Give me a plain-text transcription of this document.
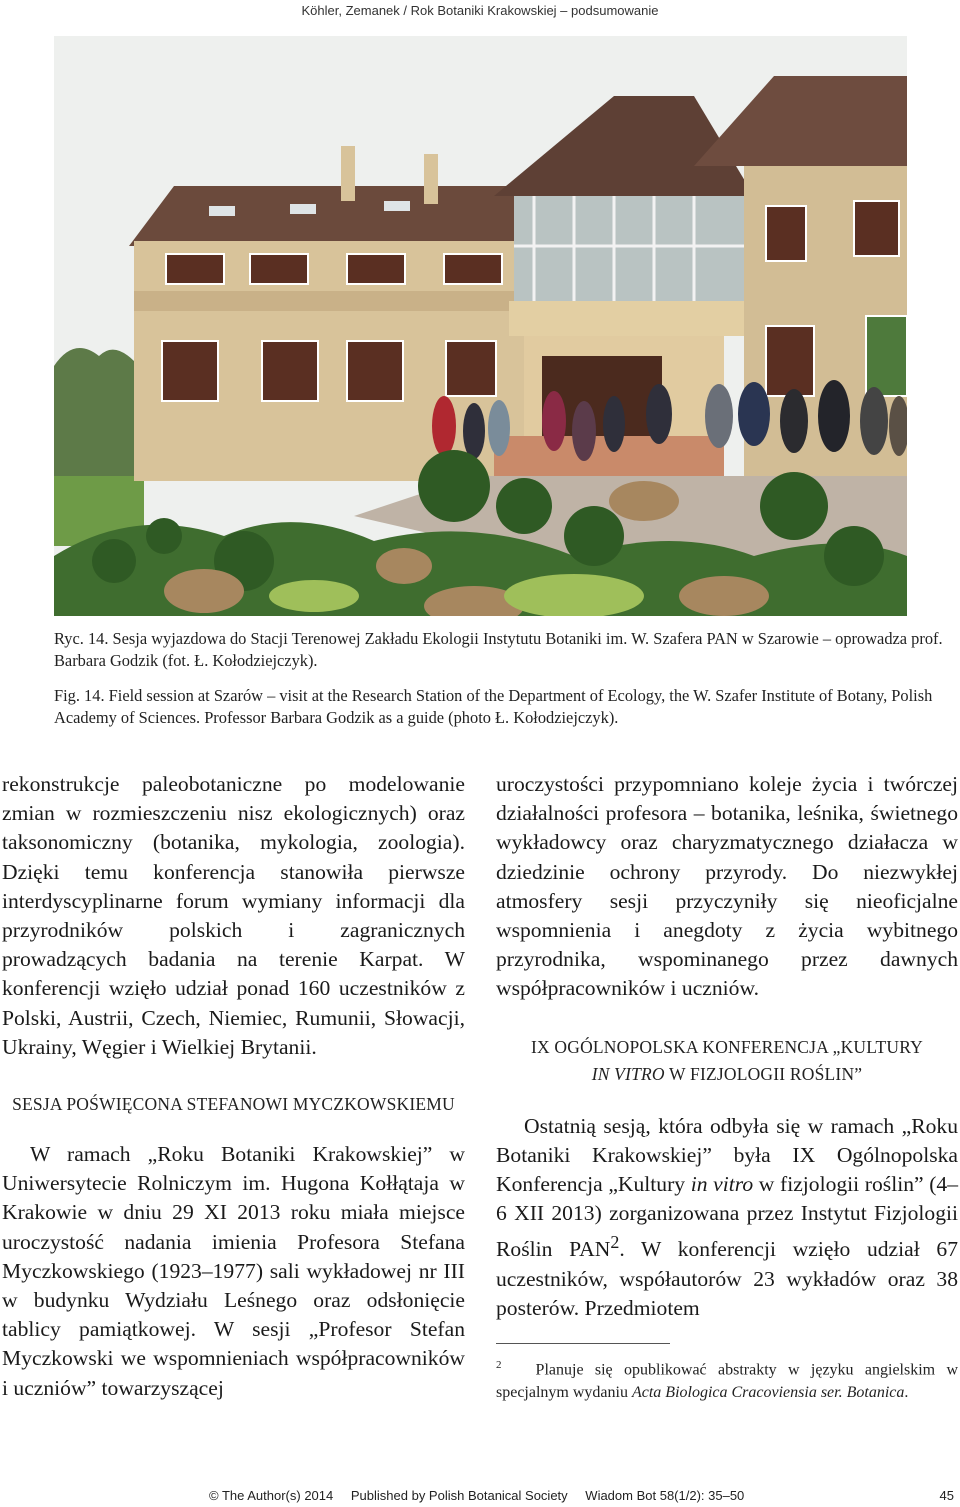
Köhler, Zemanek / Rok Botaniki Krakowskiej – podsumowanie
Ryc. 14. Sesja wyjazdowa do Stacji Terenowej Zakładu Ekologii Instytutu Botaniki im. W. Szafera PAN w Szarowie – oprowadza prof. Barbara Godzik (fot. Ł. Kołodziejczyk).
Fig. 14. Field session at Szarów – visit at the Research Station of the Department of Ecology, the W. Szafer Institute of Botany, Polish Academy of Sciences. Professor Barbara Godzik as a guide (photo Ł. Kołodziejczyk).

rekonstrukcje paleobotaniczne po modelowanie zmian w rozmieszczeniu nisz ekologicznych) oraz taksonomiczny (botanika, mykologia, zoologia). Dzięki temu konferencja stanowiła pierwsze interdyscyplinarne forum wymiany informacji dla przyrodników polskich i zagranicznych prowadzących badania na terenie Karpat. W konferencji wzięło udział ponad 160 uczestników z Polski, Austrii, Czech, Niemiec, Rumunii, Słowacji, Ukrainy, Węgier i Wielkiej Brytanii.

SESJA POŚWIĘCONA STEFANOWI MYCZKOWSKIEMU

W ramach „Roku Botaniki Krakowskiej” w Uniwersytecie Rolniczym im. Hugona Kołłątaja w Krakowie w dniu 29 XI 2013 roku miała miejsce uroczystość nadania imienia Profesora Stefana Myczkowskiego (1923–1977) sali wykładowej nr III w budynku Wydziału Leśnego oraz odsłonięcie tablicy pamiątkowej. W sesji „Profesor Stefan Myczkowski we wspomnieniach współpracowników i uczniów” towarzyszącej

uroczystości przypomniano koleje życia i twórczej działalności profesora – botanika, leśnika, świetnego wykładowcy oraz charyzmatycznego działacza w dziedzinie ochrony przyrody. Do niezwykłej atmosfery sesji przyczyniły się nieoficjalne wspomnienia i anegdoty z życia wybitnego przyrodnika, wspominanego przez dawnych współpracowników i uczniów.

IX OGÓLNOPOLSKA KONFERENCJA „KULTURY
IN VITRO W FIZJOLOGII ROŚLIN”

Ostatnią sesją, która odbyła się w ramach „Roku Botaniki Krakowskiej” była IX Ogólnopolska Konferencja „Kultury in vitro w fizjologii roślin” (4–6 XII 2013) zorganizowana przez Instytut Fizjologii Roślin PAN$^2$. W konferencji wzięło udział 67 uczestników, współautorów 23 wykładów oraz 38 posterów. Przedmiotem

$^2$ Planuje się opublikować abstrakty w języku angielskim w specjalnym wydaniu Acta Biologica Cracoviensia ser. Botanica.

© The Author(s) 2014 Published by Polish Botanical Society Wiadom Bot 58(1/2): 35–50	45
